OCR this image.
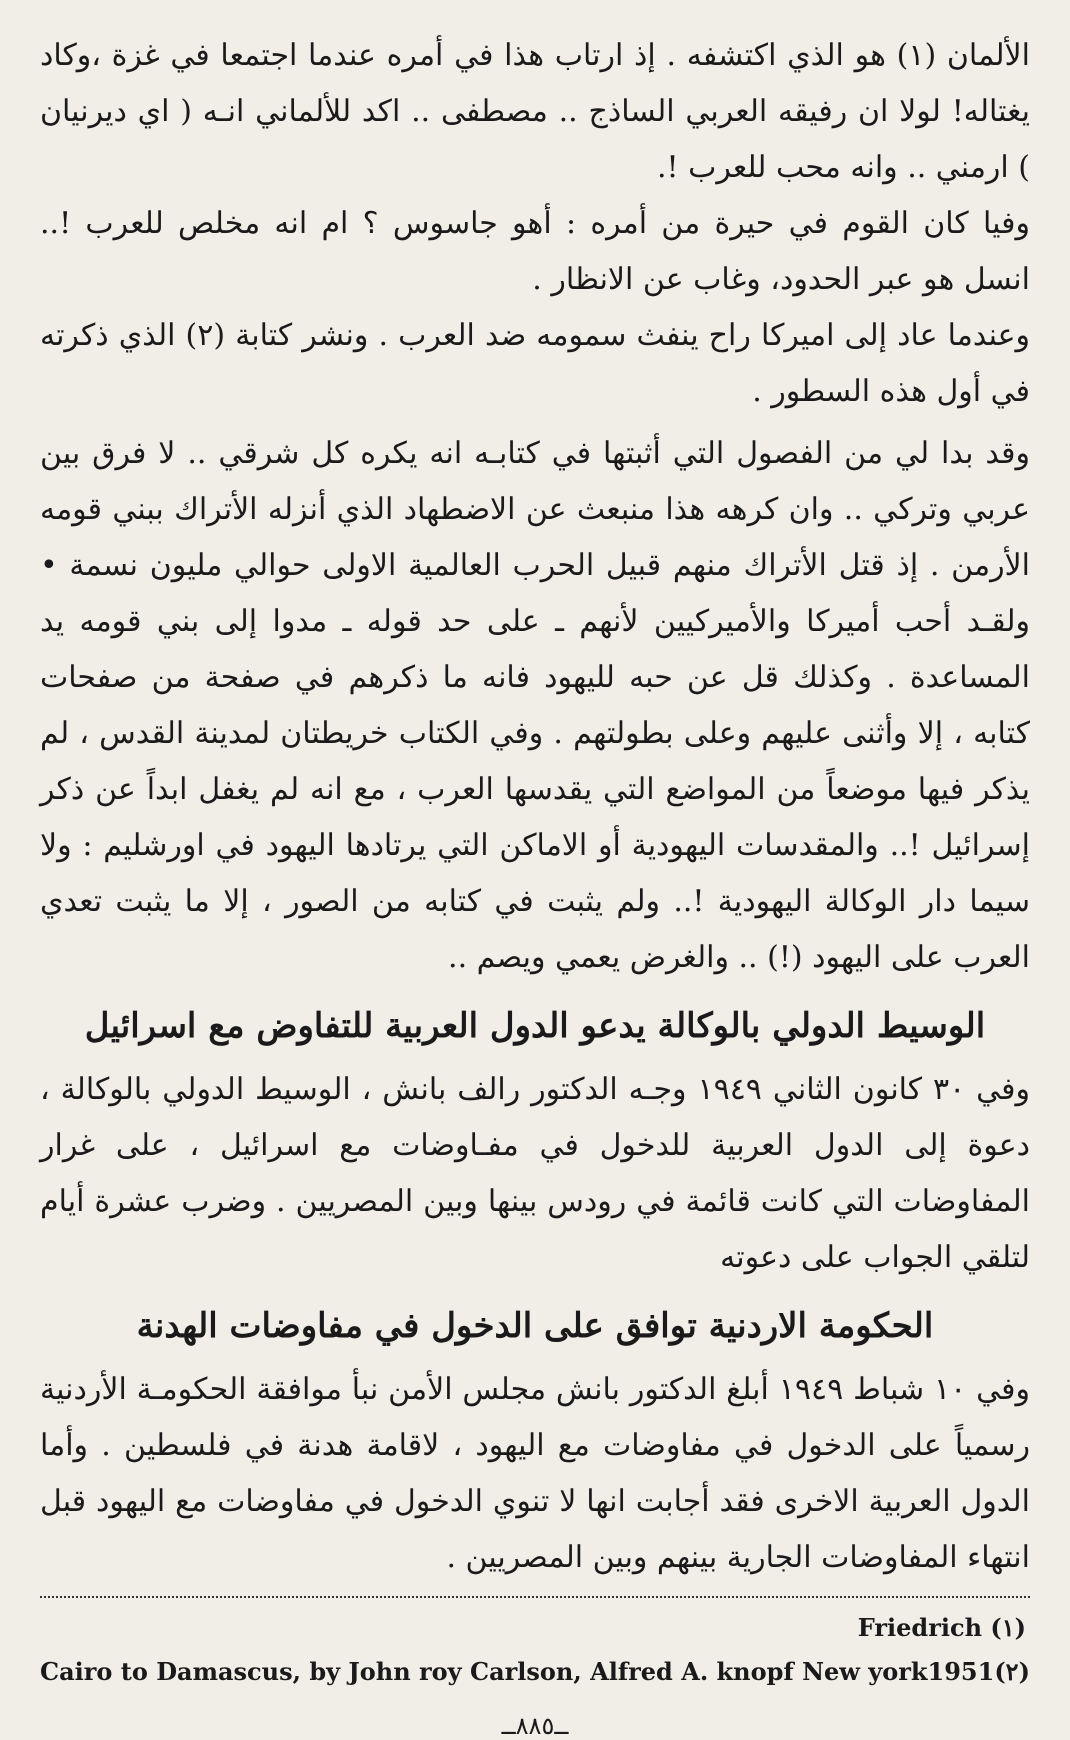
الألمان (١) هو الذي اكتشفه . إذ ارتاب هذا في أمره عندما اجتمعا في غزة ،وكاد يغتاله! لولا ان رفيقه العربي الساذج .. مصطفى .. اكد للألماني انـه ( اي ديرنيان ) ارمني .. وانه محب للعرب !.

وفيا كان القوم في حيرة من أمره : أهو جاسوس ؟ ام انه مخلص للعرب !.. انسل هو عبر الحدود، وغاب عن الانظار .

وعندما عاد إلى اميركا راح ينفث سمومه ضد العرب . ونشر كتابة (٢) الذي ذكرته في أول هذه السطور .

وقد بدا لي من الفصول التي أثبتها في كتابـه انه يكره كل شرقي .. لا فرق بين عربي وتركي .. وان كرهه هذا منبعث عن الاضطهاد الذي أنزله الأتراك ببني قومه الأرمن . إذ قتل الأتراك منهم قبيل الحرب العالمية الاولى حوالي مليون نسمة • ولقـد أحب أميركا والأميركيين لأنهم ـ على حد قوله ـ مدوا إلى بني قومه يد المساعدة . وكذلك قل عن حبه لليهود فانه ما ذكرهم في صفحة من صفحات كتابه ، إلا وأثنى عليهم وعلى بطولتهم . وفي الكتاب خريطتان لمدينة القدس ، لم يذكر فيها موضعاً من المواضع التي يقدسها العرب ، مع انه لم يغفل ابداً عن ذكر إسرائيل !.. والمقدسات اليهودية أو الاماكن التي يرتادها اليهود في اورشليم : ولا سيما دار الوكالة اليهودية !.. ولم يثبت في كتابه من الصور ، إلا ما يثبت تعدي العرب على اليهود (!) .. والغرض يعمي ويصم ..

الوسيط الدولي بالوكالة يدعو الدول العربية للتفاوض مع اسرائيل

وفي ٣٠ كانون الثاني ١٩٤٩ وجـه الدكتور رالف بانش ، الوسيط الدولي بالوكالة ، دعوة إلى الدول العربية للدخول في مفـاوضات مع اسرائيل ، على غرار المفاوضات التي كانت قائمة في رودس بينها وبين المصريين . وضرب عشرة أيام لتلقي الجواب على دعوته

الحكومة الاردنية توافق على الدخول في مفاوضات الهدنة

وفي ١٠ شباط ١٩٤٩ أبلغ الدكتور بانش مجلس الأمن نبأ موافقة الحكومـة الأردنية رسمياً على الدخول في مفاوضات مع اليهود ، لاقامة هدنة في فلسطين . وأما الدول العربية الاخرى فقد أجابت انها لا تنوي الدخول في مفاوضات مع اليهود قبل انتهاء المفاوضات الجارية بينهم وبين المصريين .

Friedrich (١)

Cairo to Damascus, by John roy Carlson, Alfred A. knopf New york1951(٢)

ــ٨٨٥ــ
